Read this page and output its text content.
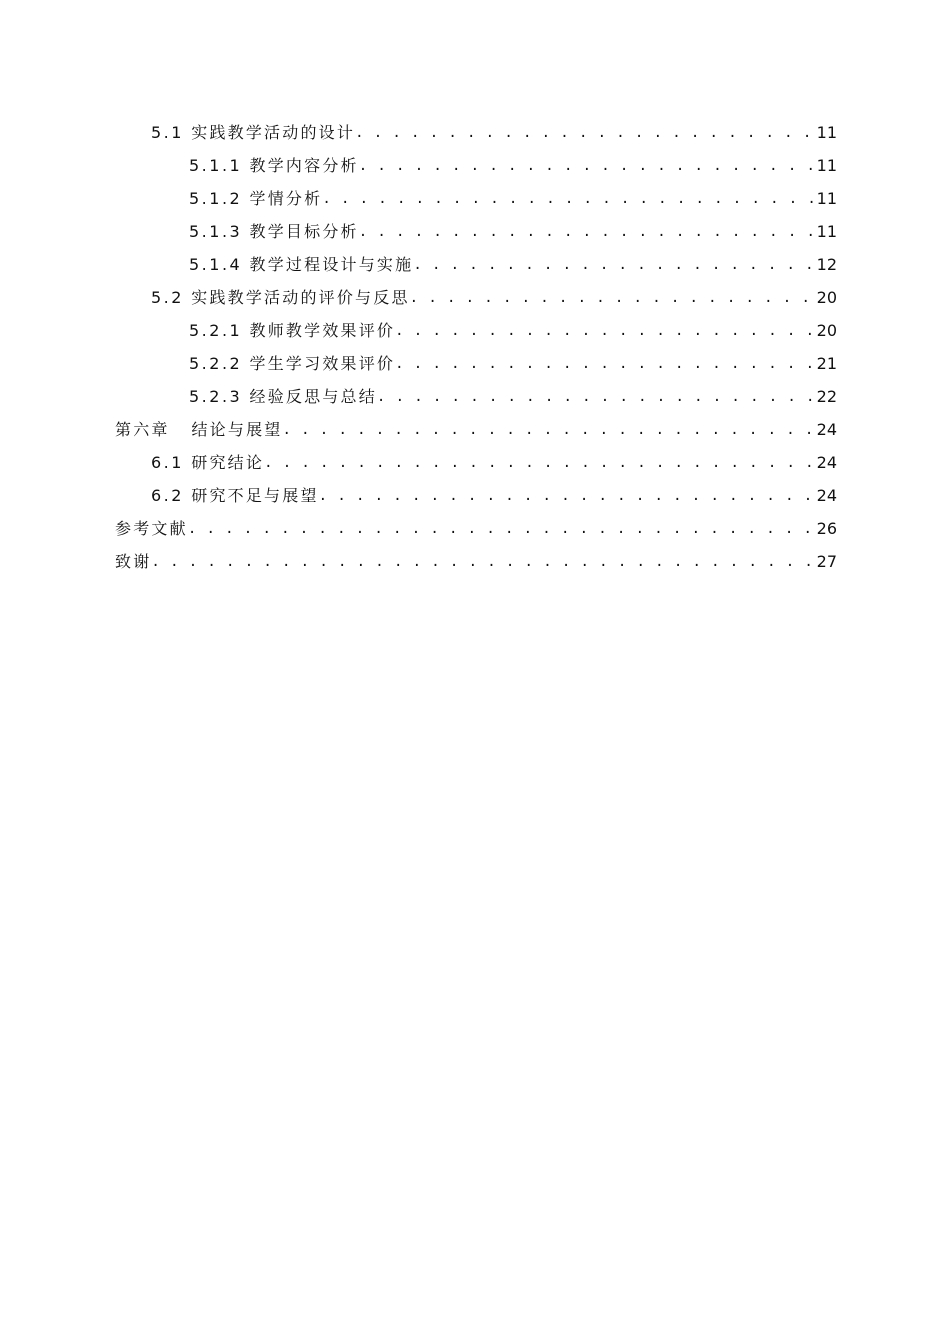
5.1 实践教学活动的设计 . . .	11
5.1.1 教学内容分析 . . .	11
5.1.2 学情分析 . . .	11
5.1.3 教学目标分析 . . .	11
5.1.4 教学过程设计与实施 . . .	12
5.2 实践教学活动的评价与反思 . . .	20
5.2.1 教师教学效果评价 . . .	20
5.2.2 学生学习效果评价 . . .	21
5.2.3 经验反思与总结 . . .	22
第六章 结论与展望 . . .	24
6.1 研究结论 . . .	24
6.2 研究不足与展望 . . .	24
参考文献 . . .	26
致谢 . . .	27
